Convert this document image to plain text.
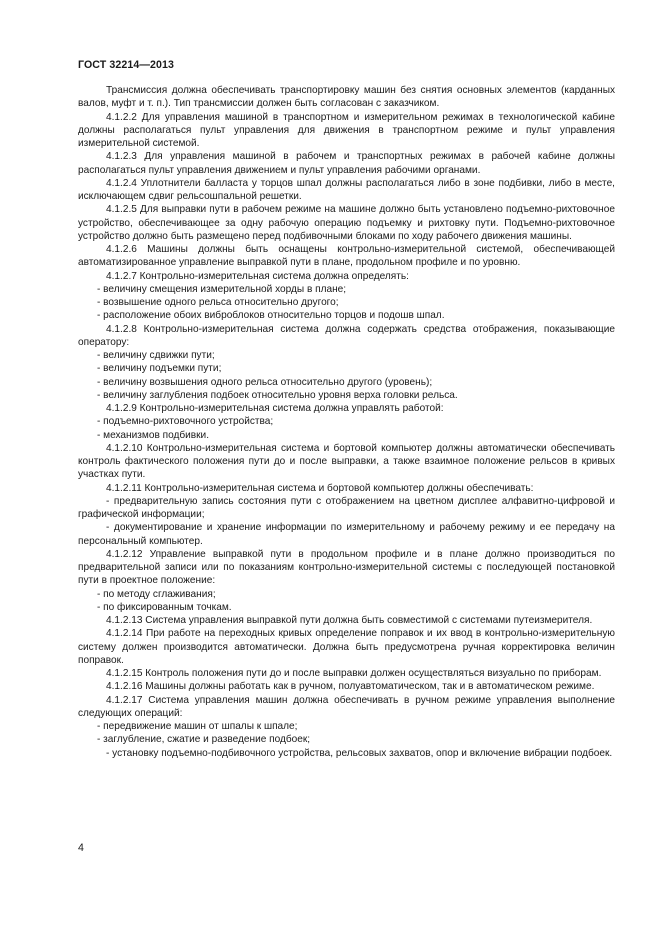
ГОСТ 32214—2013

Трансмиссия должна обеспечивать транспортировку машин без снятия основных элементов (карданных валов, муфт и т. п.). Тип трансмиссии должен быть согласован с заказчиком.

4.1.2.2 Для управления машиной в транспортном и измерительном режимах в технологической кабине должны располагаться пульт управления для движения в транспортном режиме и пульт управления измерительной системой.

4.1.2.3 Для управления машиной в рабочем и транспортных режимах в рабочей кабине должны располагаться пульт управления движением и пульт управления рабочими органами.

4.1.2.4 Уплотнители балласта у торцов шпал должны располагаться либо в зоне подбивки, либо в месте, исключающем сдвиг рельсошпальной решетки.

4.1.2.5 Для выправки пути в рабочем режиме на машине должно быть установлено подъемно-рихтовочное устройство, обеспечивающее за одну рабочую операцию подъемку и рихтовку пути. Подъемно-рихтовочное устройство должно быть размещено перед подбивочными блоками по ходу рабочего движения машины.

4.1.2.6 Машины должны быть оснащены контрольно-измерительной системой, обеспечивающей автоматизированное управление выправкой пути в плане, продольном профиле и по уровню.

4.1.2.7 Контрольно-измерительная система должна определять:

- величину смещения измерительной хорды в плане;

- возвышение одного рельса относительно другого;

- расположение обоих виброблоков относительно торцов и подошв шпал.

4.1.2.8 Контрольно-измерительная система должна содержать средства отображения, показывающие оператору:

- величину сдвижки пути;

- величину подъемки пути;

- величину возвышения одного рельса относительно другого (уровень);

- величину заглубления подбоек относительно уровня верха головки рельса.

4.1.2.9 Контрольно-измерительная система должна управлять работой:

- подъемно-рихтовочного устройства;

- механизмов подбивки.

4.1.2.10 Контрольно-измерительная система и бортовой компьютер должны автоматически обеспечивать контроль фактического положения пути до и после выправки, а также взаимное положение рельсов в кривых участках пути.

4.1.2.11 Контрольно-измерительная система и бортовой компьютер должны обеспечивать:

- предварительную запись состояния пути с отображением на цветном дисплее алфавитно-цифровой и графической информации;

- документирование и хранение информации по измерительному и рабочему режиму и ее передачу на персональный компьютер.

4.1.2.12 Управление выправкой пути в продольном профиле и в плане должно производиться по предварительной записи или по показаниям контрольно-измерительной системы с последующей постановкой пути в проектное положение:

- по методу сглаживания;

- по фиксированным точкам.

4.1.2.13 Система управления выправкой пути должна быть совместимой с системами путеизмерителя.

4.1.2.14 При работе на переходных кривых определение поправок и их ввод в контрольно-измерительную систему должен производится автоматически. Должна быть предусмотрена ручная корректировка величин поправок.

4.1.2.15 Контроль положения пути до и после выправки должен осуществляться визуально по приборам.

4.1.2.16 Машины должны работать как в ручном, полуавтоматическом, так и в автоматическом режиме.

4.1.2.17 Система управления машин должна обеспечивать в ручном режиме управления выполнение следующих операций:

- передвижение машин от шпалы к шпале;

- заглубление, сжатие и разведение подбоек;

- установку подъемно-подбивочного устройства, рельсовых захватов, опор и включение вибрации подбоек.

4
